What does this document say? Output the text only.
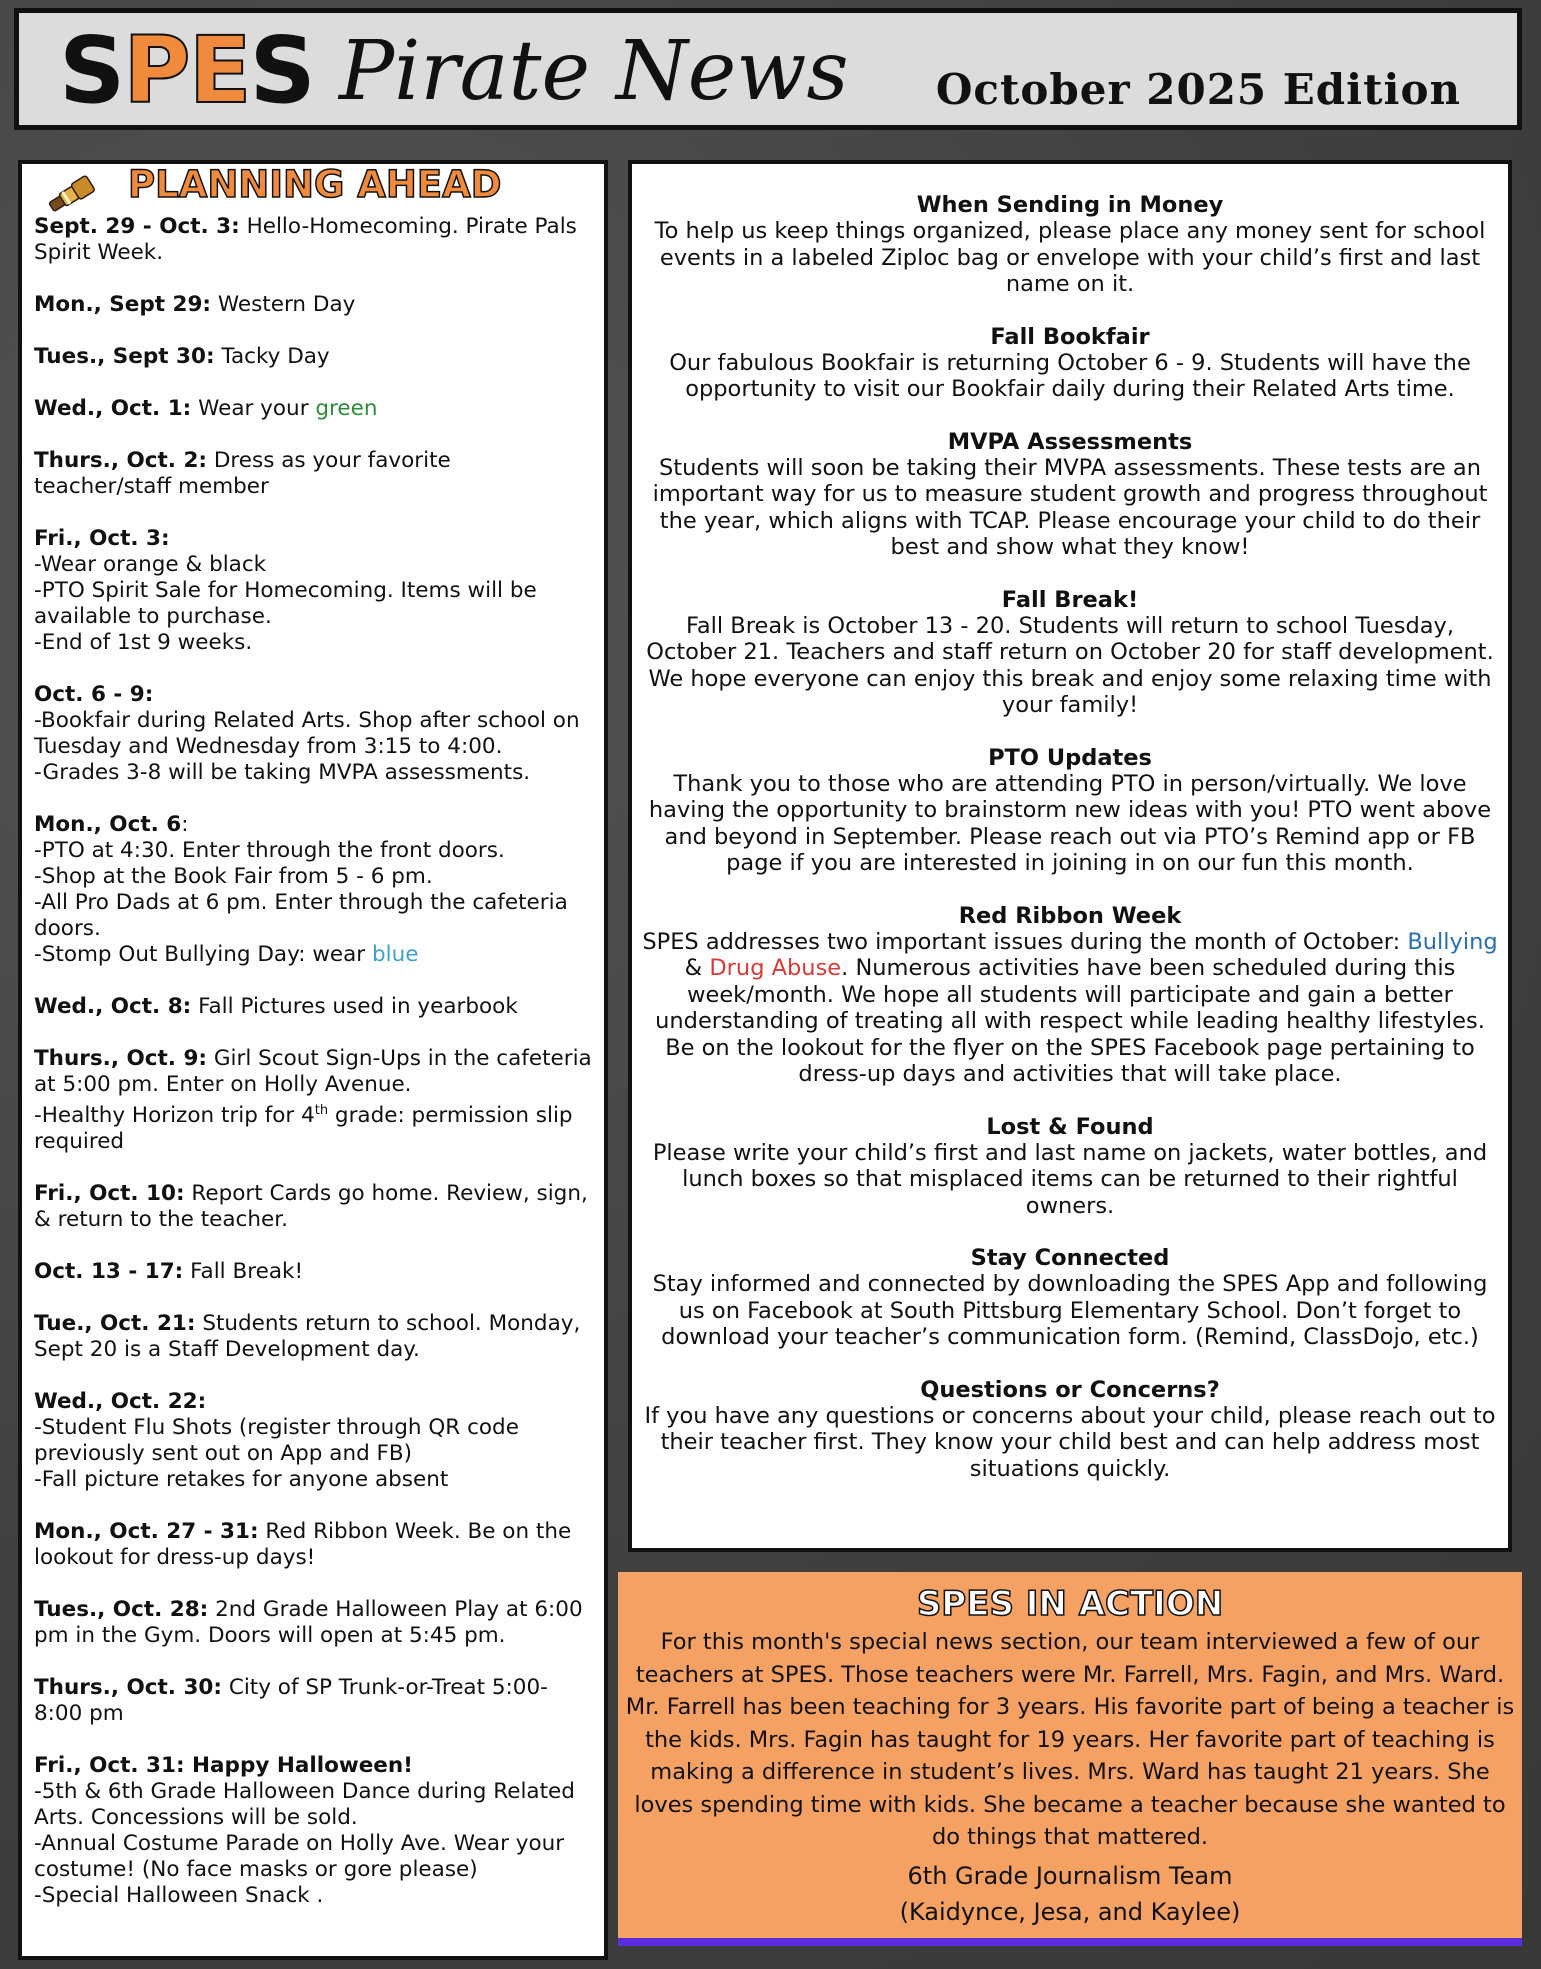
SPES Pirate News October 2025 Edition
PLANNING AHEAD
Sept. 29 - Oct. 3: Hello-Homecoming. Pirate Pals Spirit Week.
Mon., Sept 29: Western Day
Tues., Sept 30: Tacky Day
Wed., Oct. 1: Wear your green
Thurs., Oct. 2: Dress as your favorite teacher/staff member
Fri., Oct. 3:
-Wear orange & black
-PTO Spirit Sale for Homecoming. Items will be available to purchase.
-End of 1st 9 weeks.
Oct. 6 - 9:
-Bookfair during Related Arts. Shop after school on Tuesday and Wednesday from 3:15 to 4:00.
-Grades 3-8 will be taking MVPA assessments.
Mon., Oct. 6:
-PTO at 4:30. Enter through the front doors.
-Shop at the Book Fair from 5 - 6 pm.
-All Pro Dads at 6 pm. Enter through the cafeteria doors.
-Stomp Out Bullying Day: wear blue
Wed., Oct. 8: Fall Pictures used in yearbook
Thurs., Oct. 9: Girl Scout Sign-Ups in the cafeteria at 5:00 pm. Enter on Holly Avenue.
-Healthy Horizon trip for 4th grade: permission slip required
Fri., Oct. 10: Report Cards go home. Review, sign, & return to the teacher.
Oct. 13 - 17: Fall Break!
Tue., Oct. 21: Students return to school. Monday, Sept 20 is a Staff Development day.
Wed., Oct. 22:
-Student Flu Shots (register through QR code previously sent out on App and FB)
-Fall picture retakes for anyone absent
Mon., Oct. 27 - 31: Red Ribbon Week. Be on the lookout for dress-up days!
Tues., Oct. 28: 2nd Grade Halloween Play at 6:00 pm in the Gym. Doors will open at 5:45 pm.
Thurs., Oct. 30: City of SP Trunk-or-Treat 5:00-8:00 pm
Fri., Oct. 31: Happy Halloween!
-5th & 6th Grade Halloween Dance during Related Arts. Concessions will be sold.
-Annual Costume Parade on Holly Ave. Wear your costume! (No face masks or gore please)
-Special Halloween Snack .
When Sending in Money

To help us keep things organized, please place any money sent for school events in a labeled Ziploc bag or envelope with your child’s first and last name on it.

Fall Bookfair

Our fabulous Bookfair is returning October 6 - 9. Students will have the opportunity to visit our Bookfair daily during their Related Arts time.

MVPA Assessments

Students will soon be taking their MVPA assessments. These tests are an important way for us to measure student growth and progress throughout the year, which aligns with TCAP. Please encourage your child to do their best and show what they know!

Fall Break!

Fall Break is October 13 - 20. Students will return to school Tuesday, October 21. Teachers and staff return on October 20 for staff development. We hope everyone can enjoy this break and enjoy some relaxing time with your family!

PTO Updates

Thank you to those who are attending PTO in person/virtually. We love having the opportunity to brainstorm new ideas with you! PTO went above and beyond in September. Please reach out via PTO’s Remind app or FB page if you are interested in joining in on our fun this month.

Red Ribbon Week

SPES addresses two important issues during the month of October: Bullying & Drug Abuse. Numerous activities have been scheduled during this week/month. We hope all students will participate and gain a better understanding of treating all with respect while leading healthy lifestyles. Be on the lookout for the flyer on the SPES Facebook page pertaining to dress-up days and activities that will take place.

Lost & Found

Please write your child’s first and last name on jackets, water bottles, and lunch boxes so that misplaced items can be returned to their rightful owners.

Stay Connected

Stay informed and connected by downloading the SPES App and following us on Facebook at South Pittsburg Elementary School. Don’t forget to download your teacher’s communication form. (Remind, ClassDojo, etc.)

Questions or Concerns?

If you have any questions or concerns about your child, please reach out to their teacher first. They know your child best and can help address most situations quickly.

SPES IN ACTION
For this month's special news section, our team interviewed a few of our teachers at SPES. Those teachers were Mr. Farrell, Mrs. Fagin, and Mrs. Ward. Mr. Farrell has been teaching for 3 years. His favorite part of being a teacher is the kids. Mrs. Fagin has taught for 19 years. Her favorite part of teaching is making a difference in student’s lives. Mrs. Ward has taught 21 years. She loves spending time with kids. She became a teacher because she wanted to do things that mattered.
6th Grade Journalism Team
(Kaidynce, Jesa, and Kaylee)
